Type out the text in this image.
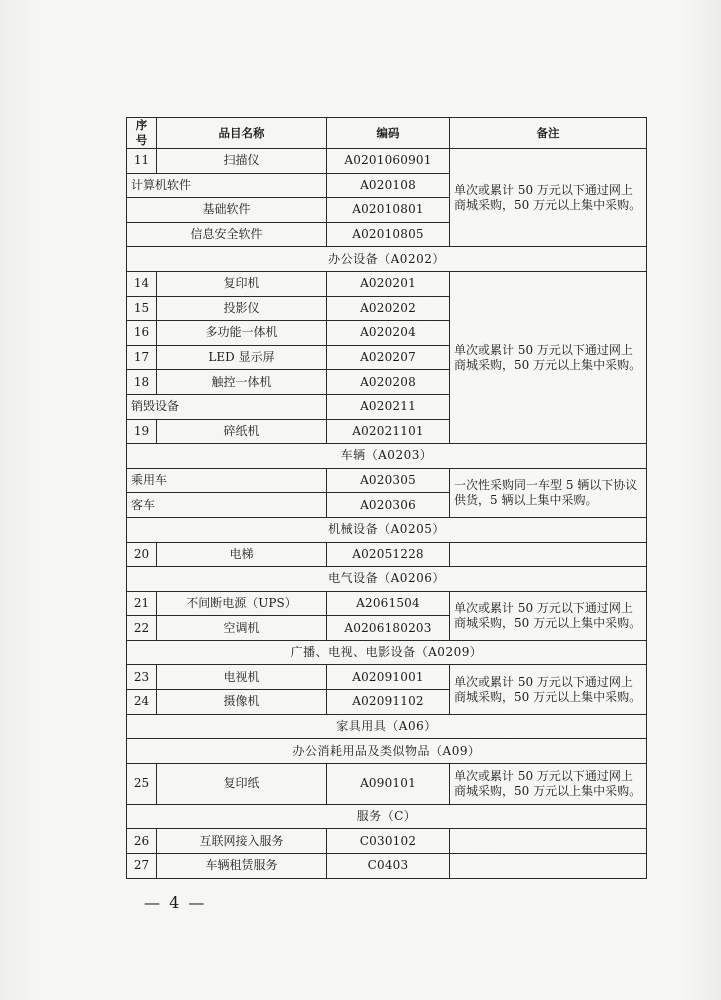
序号	品目名称	编码	备注
11	扫描仪	A0201060901	单次或累计 50 万元以下通过网上商城采购，50 万元以上集中采购。
计算机软件		A020108	
基础软件		A02010801	
信息安全软件		A02010805	
办公设备（A0202）			
14	复印机	A020201	单次或累计 50 万元以下通过网上商城采购，50 万元以上集中采购。
15	投影仪	A020202	
16	多功能一体机	A020204	
17	LED 显示屏	A020207	
18	触控一体机	A020208	
销毁设备		A020211	
19	碎纸机	A02021101	
车辆（A0203）			
乘用车		A020305	一次性采购同一车型 5 辆以下协议供货，5 辆以上集中采购。
客车		A020306	
机械设备（A0205）			
20	电梯	A02051228	
电气设备（A0206）			
21	不间断电源（UPS）	A2061504	单次或累计 50 万元以下通过网上商城采购，50 万元以上集中采购。
22	空调机	A0206180203	
广播、电视、电影设备（A0209）			
23	电视机	A02091001	单次或累计 50 万元以下通过网上商城采购，50 万元以上集中采购。
24	摄像机	A02091102	
家具用具（A06）			
办公消耗用品及类似物品（A09）			
25	复印纸	A090101	单次或累计 50 万元以下通过网上商城采购，50 万元以上集中采购。
服务（C）			
26	互联网接入服务	C030102	
27	车辆租赁服务	C0403	
— 4 —
